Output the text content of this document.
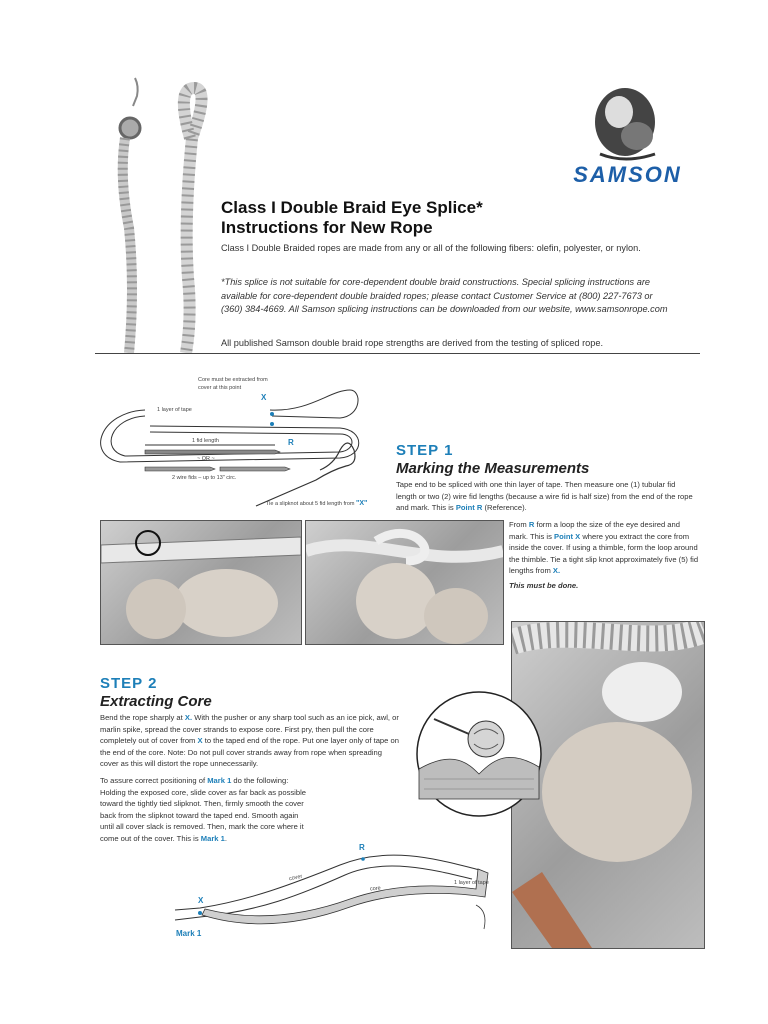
SAMSON
Class I Double Braid Eye Splice*
Instructions for New Rope
Class I Double Braided ropes are made from any or all of the following fibers: olefin, polyester, or nylon.
*This splice is not suitable for core-dependent double braid constructions. Special splicing instructions are available for core-dependent double braided ropes; please contact Customer Service at (800) 227-7673 or (360) 384-4669. All Samson splicing instructions can be downloaded from our website, www.samsonrope.com
All published Samson double braid rope strengths are derived from the testing of spliced rope.
Core must be extracted from
cover at this point
X
1 layer of tape
R
1 fid length
~ OR ~
2 wire fids – up to 13" circ.
Tie a slipknot about 5 fid length from "X"
STEP 1
Marking the Measurements
Tape end to be spliced with one thin layer of tape. Then measure one (1) tubular fid length or two (2) wire fid lengths (because a wire fid is half size) from the end of the rope and mark. This is Point R (Reference).
From R form a loop the size of the eye desired and mark. This is Point X where you extract the core from inside the cover. If using a thimble, form the loop around the thimble. Tie a tight slip knot approximately five (5) fid lengths from X.
This must be done.
STEP 2
Extracting Core
Bend the rope sharply at X. With the pusher or any sharp tool such as an ice pick, awl, or marlin spike, spread the cover strands to expose core. First pry, then pull the core completely out of cover from X to the taped end of the rope. Put one layer only of tape on the end of the core. Note: Do not pull cover strands away from rope when spreading cover as this will distort the rope unnecessarily.
To assure correct positioning of Mark 1 do the following: Holding the exposed core, slide cover as far back as possible toward the tightly tied slipknot. Then, firmly smooth the cover back from the slipknot toward the taped end. Smooth again until all cover slack is removed. Then, mark the core where it come out of the cover. This is Mark 1.
R
cover
core
1 layer of tape
X
Mark 1
